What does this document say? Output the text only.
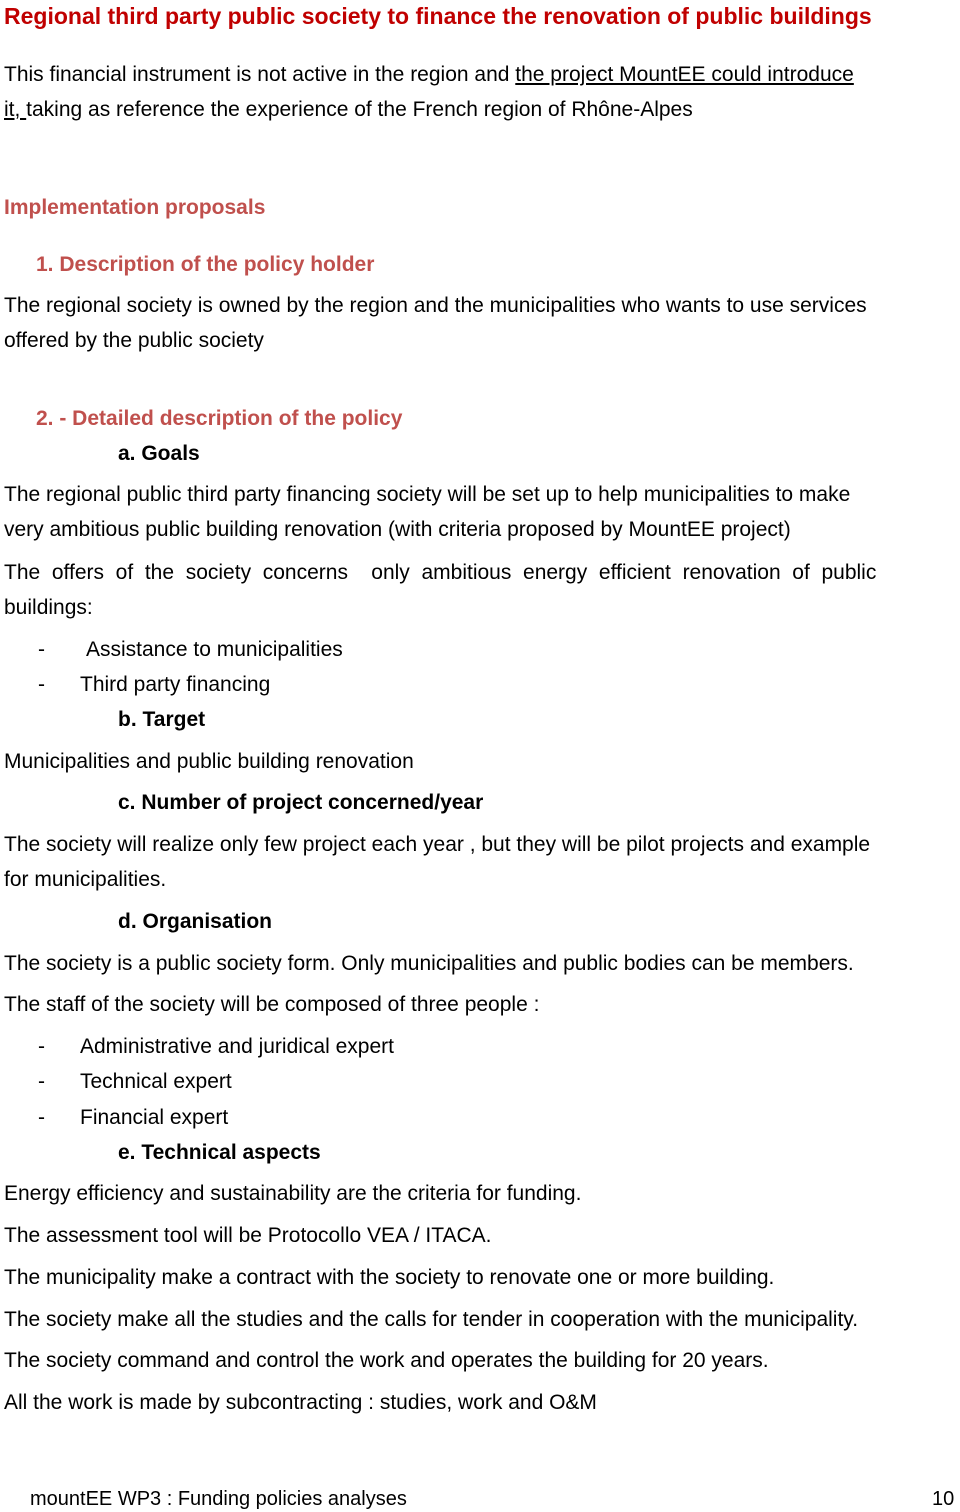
Regional third party public society to finance the renovation of public buildings
This financial instrument is not active in the region and the project MountEE could introduce
it, taking as reference the experience of the French region of Rhône-Alpes
Implementation proposals
1. Description of the policy holder
The regional society is owned by the region and the municipalities who wants to use services
offered by the public society
2. - Detailed description of the policy
a. Goals
The regional public third party financing society will be set up to help municipalities to make
very ambitious public building renovation (with criteria proposed by MountEE project)
The  offers  of  the  society  concerns    only  ambitious  energy  efficient  renovation  of  public
buildings:
- Assistance to municipalities
- Third party financing
b. Target
Municipalities and public building renovation
c. Number of project concerned/year
The society will realize only few project each year , but they will be pilot projects and example
for municipalities.
d. Organisation
The society is a public society form. Only municipalities and public bodies can be members.
The staff of the society will be composed of three people :
- Administrative and juridical expert
- Technical expert
- Financial expert
e. Technical aspects
Energy efficiency and sustainability are the criteria for funding.
The assessment tool will be Protocollo VEA / ITACA.
The municipality make a contract with the society to renovate one or more building.
The society make all the studies and the calls for tender in cooperation with the municipality.
The society command and control the work and operates the building for 20 years.
All the work is made by subcontracting : studies, work and O&M
mountEE WP3 : Funding policies analyses	10
